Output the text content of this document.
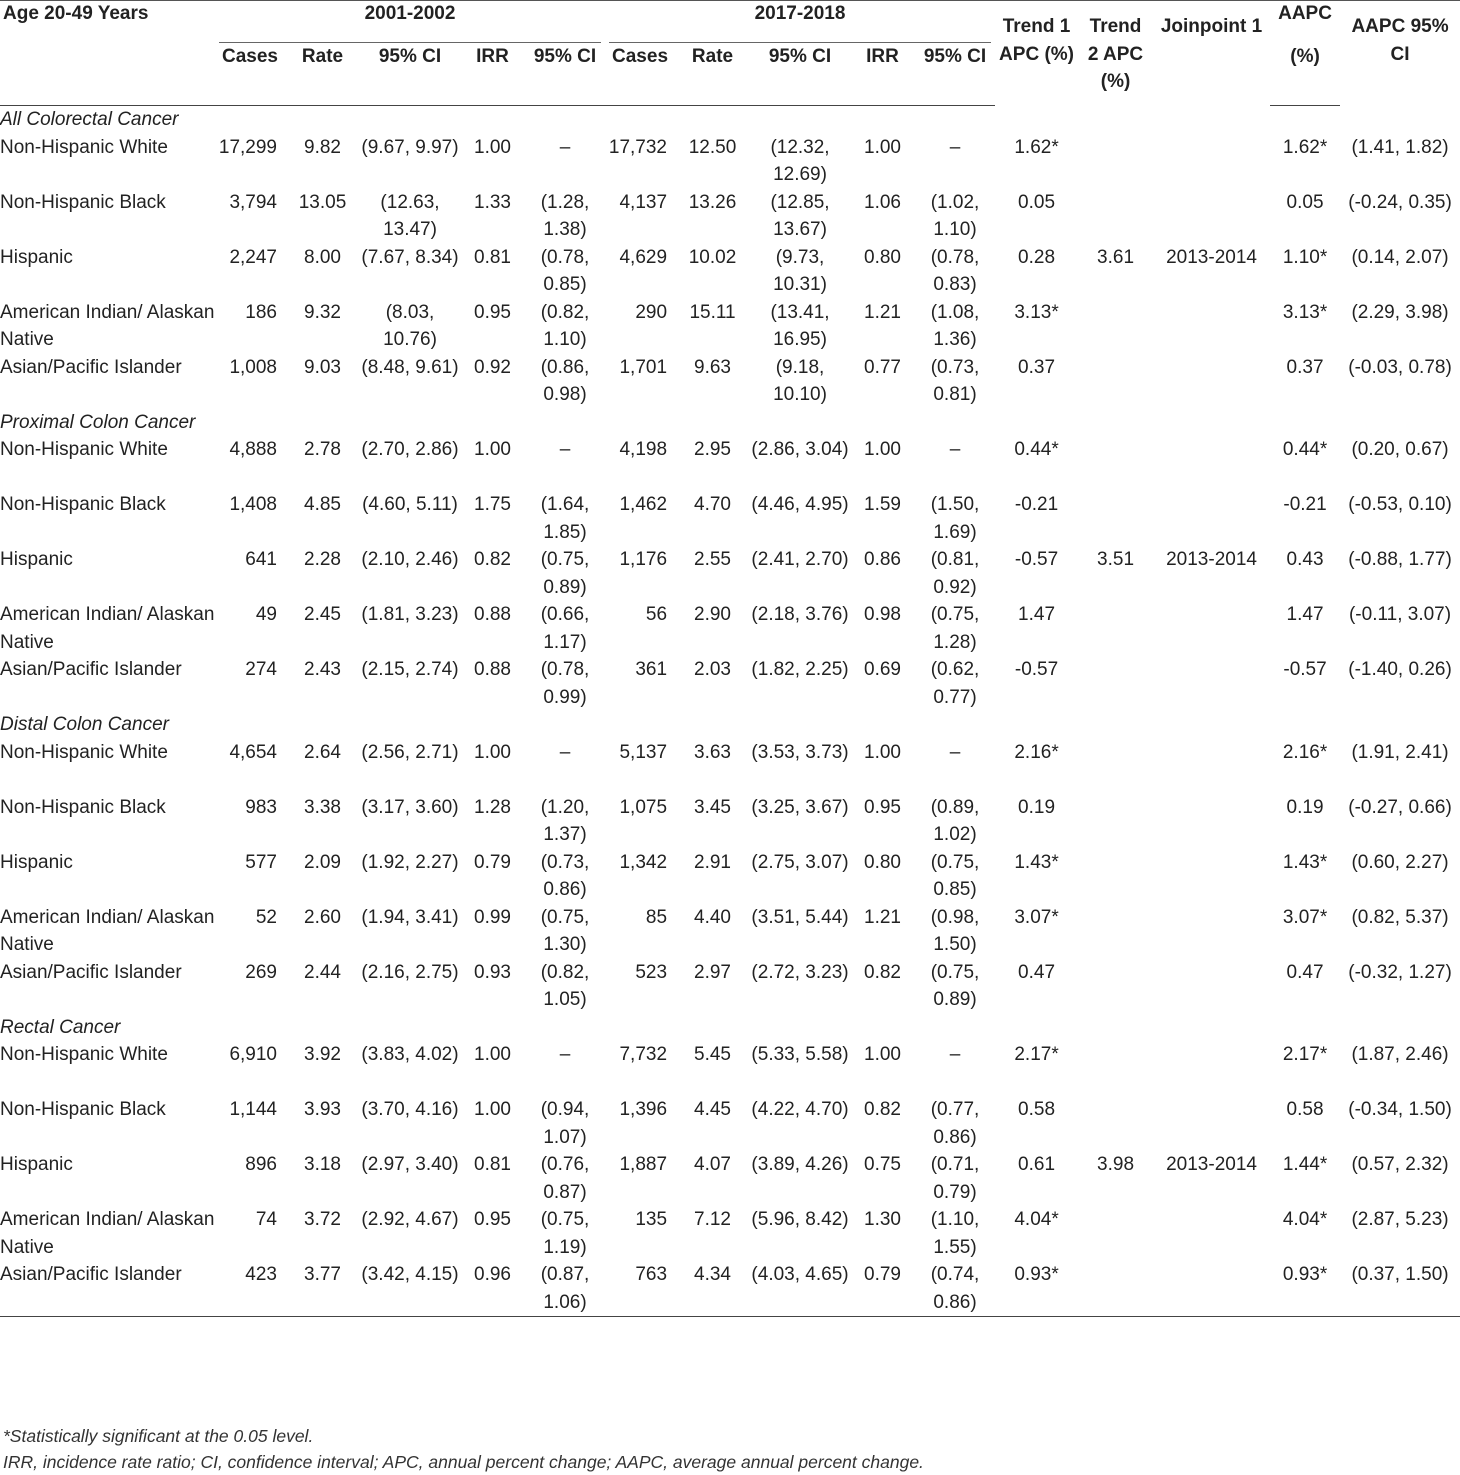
Age 20-49 Years	2001-2002					2017-2018					Trend 1 APC (%)	Trend 2 APC (%)	Joinpoint 1	AAPC	AAPC 95% CI
	Cases	Rate	95% CI	IRR	95% CI	Cases	Rate	95% CI	IRR	95% CI				(%)	
All Colorectal Cancer															
Non-Hispanic White	17,299	9.82	(9.67, 9.97)	1.00	–	17,732	12.50	(12.32, 12.69)	1.00	–	1.62*			1.62*	(1.41, 1.82)
Non-Hispanic Black	3,794	13.05	(12.63, 13.47)	1.33	(1.28, 1.38)	4,137	13.26	(12.85, 13.67)	1.06	(1.02, 1.10)	0.05			0.05	(-0.24, 0.35)
Hispanic	2,247	8.00	(7.67, 8.34)	0.81	(0.78, 0.85)	4,629	10.02	(9.73, 10.31)	0.80	(0.78, 0.83)	0.28	3.61	2013-2014	1.10*	(0.14, 2.07)
American Indian/ Alaskan Native	186	9.32	(8.03, 10.76)	0.95	(0.82, 1.10)	290	15.11	(13.41, 16.95)	1.21	(1.08, 1.36)	3.13*			3.13*	(2.29, 3.98)
Asian/Pacific Islander	1,008	9.03	(8.48, 9.61)	0.92	(0.86, 0.98)	1,701	9.63	(9.18, 10.10)	0.77	(0.73, 0.81)	0.37			0.37	(-0.03, 0.78)
Proximal Colon Cancer															
Non-Hispanic White	4,888	2.78	(2.70, 2.86)	1.00	–	4,198	2.95	(2.86, 3.04)	1.00	–	0.44*			0.44*	(0.20, 0.67)
Non-Hispanic Black	1,408	4.85	(4.60, 5.11)	1.75	(1.64, 1.85)	1,462	4.70	(4.46, 4.95)	1.59	(1.50, 1.69)	-0.21			-0.21	(-0.53, 0.10)
Hispanic	641	2.28	(2.10, 2.46)	0.82	(0.75, 0.89)	1,176	2.55	(2.41, 2.70)	0.86	(0.81, 0.92)	-0.57	3.51	2013-2014	0.43	(-0.88, 1.77)
American Indian/ Alaskan Native	49	2.45	(1.81, 3.23)	0.88	(0.66, 1.17)	56	2.90	(2.18, 3.76)	0.98	(0.75, 1.28)	1.47			1.47	(-0.11, 3.07)
Asian/Pacific Islander	274	2.43	(2.15, 2.74)	0.88	(0.78, 0.99)	361	2.03	(1.82, 2.25)	0.69	(0.62, 0.77)	-0.57			-0.57	(-1.40, 0.26)
Distal Colon Cancer															
Non-Hispanic White	4,654	2.64	(2.56, 2.71)	1.00	–	5,137	3.63	(3.53, 3.73)	1.00	–	2.16*			2.16*	(1.91, 2.41)
Non-Hispanic Black	983	3.38	(3.17, 3.60)	1.28	(1.20, 1.37)	1,075	3.45	(3.25, 3.67)	0.95	(0.89, 1.02)	0.19			0.19	(-0.27, 0.66)
Hispanic	577	2.09	(1.92, 2.27)	0.79	(0.73, 0.86)	1,342	2.91	(2.75, 3.07)	0.80	(0.75, 0.85)	1.43*			1.43*	(0.60, 2.27)
American Indian/ Alaskan Native	52	2.60	(1.94, 3.41)	0.99	(0.75, 1.30)	85	4.40	(3.51, 5.44)	1.21	(0.98, 1.50)	3.07*			3.07*	(0.82, 5.37)
Asian/Pacific Islander	269	2.44	(2.16, 2.75)	0.93	(0.82, 1.05)	523	2.97	(2.72, 3.23)	0.82	(0.75, 0.89)	0.47			0.47	(-0.32, 1.27)
Rectal Cancer															
Non-Hispanic White	6,910	3.92	(3.83, 4.02)	1.00	–	7,732	5.45	(5.33, 5.58)	1.00	–	2.17*			2.17*	(1.87, 2.46)
Non-Hispanic Black	1,144	3.93	(3.70, 4.16)	1.00	(0.94, 1.07)	1,396	4.45	(4.22, 4.70)	0.82	(0.77, 0.86)	0.58			0.58	(-0.34, 1.50)
Hispanic	896	3.18	(2.97, 3.40)	0.81	(0.76, 0.87)	1,887	4.07	(3.89, 4.26)	0.75	(0.71, 0.79)	0.61	3.98	2013-2014	1.44*	(0.57, 2.32)
American Indian/ Alaskan Native	74	3.72	(2.92, 4.67)	0.95	(0.75, 1.19)	135	7.12	(5.96, 8.42)	1.30	(1.10, 1.55)	4.04*			4.04*	(2.87, 5.23)
Asian/Pacific Islander	423	3.77	(3.42, 4.15)	0.96	(0.87, 1.06)	763	4.34	(4.03, 4.65)	0.79	(0.74, 0.86)	0.93*			0.93*	(0.37, 1.50)
*Statistically significant at the 0.05 level.
IRR, incidence rate ratio; CI, confidence interval; APC, annual percent change; AAPC, average annual percent change.
